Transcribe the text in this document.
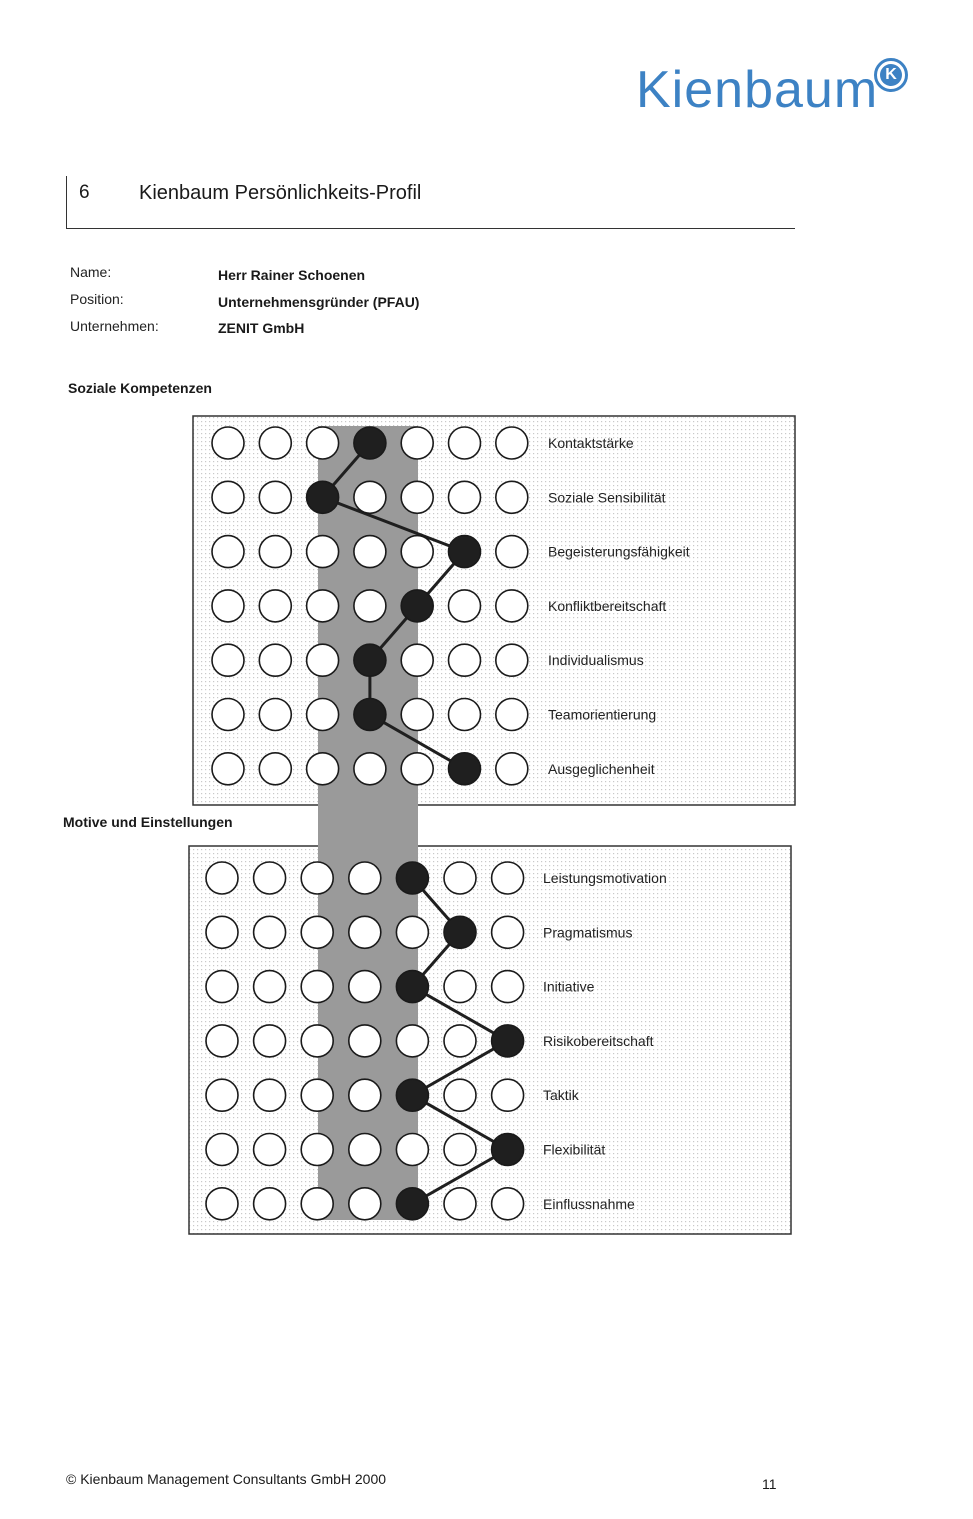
Kienbaum K
6 Kienbaum Persönlichkeits-Profil
Name:	Herr Rainer Schoenen
Position:	Unternehmensgründer (PFAU)
Unternehmen:	ZENIT GmbH
Soziale Kompetenzen
Motive und Einstellungen
Kontaktstärke
Soziale Sensibilität
Begeisterungsfähigkeit
Konfliktbereitschaft
Individualismus
Teamorientierung
Ausgeglichenheit
Leistungsmotivation
Pragmatismus
Initiative
Risikobereitschaft
Taktik
Flexibilität
Einflussnahme
© Kienbaum Management Consultants GmbH 2000	11
